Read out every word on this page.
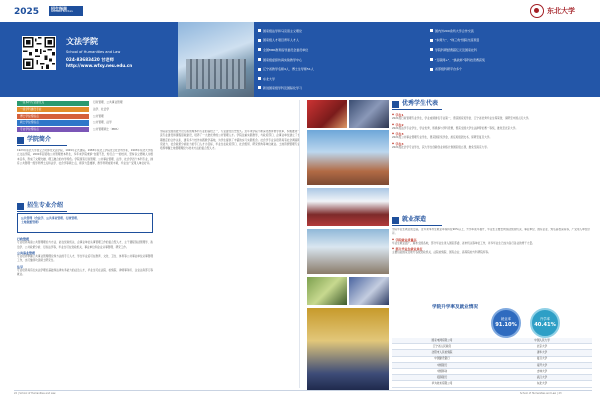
2025	招生指南
Admission Brochure	东北大学
文法学院
School of Humanities and Law
024-83683420 甘老师
http://www.wfxy.neu.edu.cn
国家级法学和马克思主义理论
国家级人才项目青年人才人
全国MPA教育指导委员会委员单位
国家级虚拟仿真实验教学中心
辽宁省教学名师4人、博士生导师51人
东北大学
国内外200余所大学合作交流
"东师大"、"珠三角"国际交流项目
学院科研经费超亿元及国家社科
"互联网+"、"挑战杯"等科技竞赛获奖
省部级科研平台多个
新进国家级学科及国际化学习
一流本科专业建设点	行政管理、公共事业管理
一流学科建设专业	法学、社会学
博士学位授权点	公共管理
硕士学位授权点	公共管理、法学
专业学位授权点	公共管理硕士（MPA）
学院简介
1923年东北大学创立之时即设文法学院，1929年正式建院。1983年东北工学院设立社会科学系，1993年东北大学成立文法学院，2000年起招收公共管理类本科生，多年来学院秉承“自强不息，知行合一”的校训，坚持以立德树人为根本任务，形成了文理交融、理工融合的办学特色。学院现有行政管理、公共事业管理、法学、社会学四个本科专业，拥有公共管理一级学科博士点和法学、社会学等硕士点，师资力量雄厚，教学科研成果丰硕，毕业生广受用人单位好评。
招生专业介绍
公共管理（含法学、公共事业管理、行政管理、
土地资源管理）
行政管理
专业培养具备公共管理理论与方法、能在党政机关、企事业单位从事管理工作的复合型人才，主干课程包括管理学、政治学、公共政策分析、行政法学等，毕业生可在党政机关、事业单位和企业从事管理、研究工作。
公共事业管理
专业培养掌握公共事业管理理论和方法的专门人才，学生毕业后可在教育、文化、卫生、体育等公共事业单位从事管理工作，也可继续攻读硕士研究生。
法学
专业培养具有扎实法学理论基础和法律实务能力的法治人才，毕业生可在法院、检察院、律师事务所、企业法务部门等就业。
学院是全国首批开设行政管理本科专业的高校之一，专业建设历史悠久。近年来学院不断深化教育教学改革，积极推进一流专业建设和课程思政建设，培养了一大批优秀的公共管理人才。学院注重实践教学，与政府部门、企事业单位建立了长期稳定的合作关系，建有多个校外实践教学基地，为学生提供了丰富的实习实践机会。社会学专业以培养具有社会调查研究能力、社会政策分析能力的专门人才为目标，毕业生在政府部门、社会组织、研究机构等单位就业。土地资源管理专业培养掌握土地管理理论与技术方法的复合型人才。
优秀学生代表
◆ 学生1
2021级行政管理专业学生，学业成绩排名专业第一，曾获国家奖学金、辽宁省优秀毕业生等荣誉，保研至中国人民大学。
◆ 学生2
2021级法学专业学生，学业优秀，积极参与学科竞赛，曾获全国大学生法律辩论赛一等奖，推免至北京大学。
◆ 学生3
2021级公共事业管理专业学生，曾获国家奖学金，担任班级团支书，保研至复旦大学。
◆ 学生4
2021级社会学专业学生，获大学生创新创业训练计划国家级立项，推免至南京大学。
就业深造
学院毕业生就业质量高，近年来本科生就业率保持在90%以上，升学率逐年提升，毕业生主要去向包括党政机关、事业单位、国有企业、知名高校深造等，广受用人单位好评。
◆ 学院就业质量高
毕业生就业面广，遍布全国各地，部分毕业生进入国家部委、省市机关等单位工作，许多毕业生已成为各行各业的骨干力量。
◆ 部分毕业生就业单位
主要包括国家及地方各级党政机关、法院检察院、国有企业、高等院校与科研院所等。
学院升学率及就业情况
就业率
91.10%
升学率
40.41%
国家电网有限公司	中国人民大学
辽宁省人民政府	北京大学
沈阳市人民检察院	清华大学
中国建设银行	复旦大学
中国银行	南开大学
中国移动	吉林大学
招商银行	武汉大学
华为技术有限公司	东北大学
22 | School of Humanities and Law	School of Humanities and Law | 23
